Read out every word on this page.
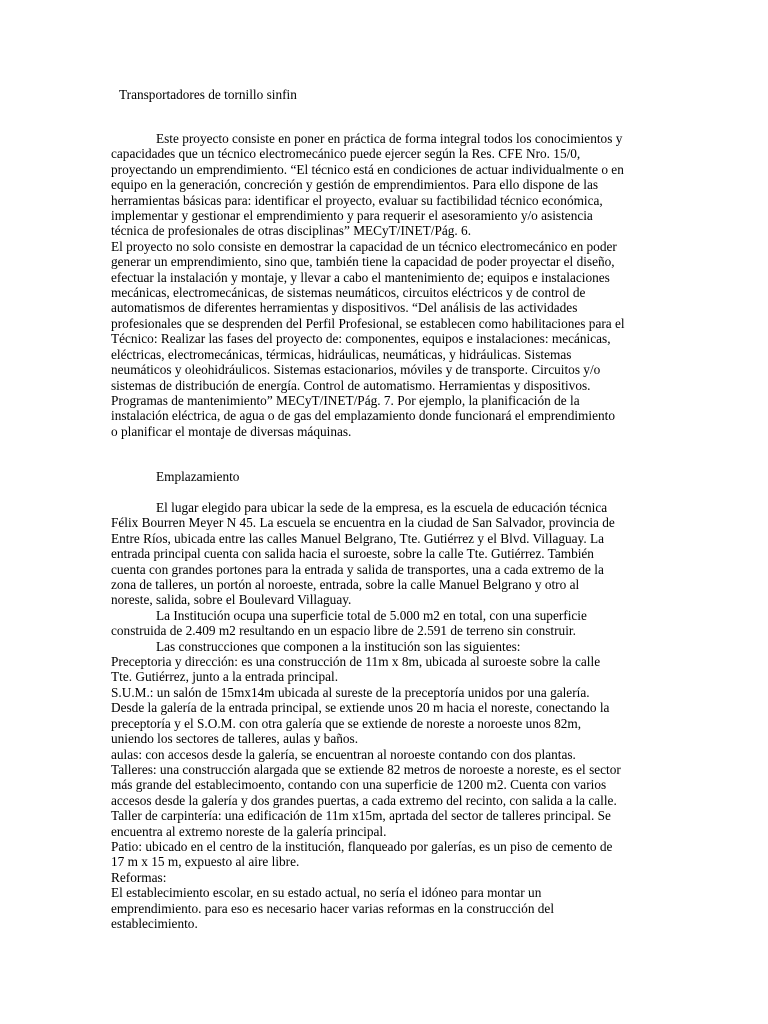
Transportadores de tornillo sinfin

Este proyecto consiste en poner en práctica de forma integral todos los conocimientos y

capacidades que un técnico electromecánico puede ejercer según la Res. CFE Nro. 15/0,

proyectando un emprendimiento. “El técnico está en condiciones de actuar individualmente o en

equipo en la generación, concreción y gestión de emprendimientos. Para ello dispone de las

herramientas básicas para: identificar el proyecto, evaluar su factibilidad técnico económica,

implementar y gestionar el emprendimiento y para requerir el asesoramiento y/o asistencia

técnica de profesionales de otras disciplinas” MECyT/INET/Pág. 6.

El proyecto no solo consiste en demostrar la capacidad de un técnico electromecánico en poder

generar un emprendimiento, sino que, también tiene la capacidad de poder proyectar el diseño,

efectuar la instalación y montaje, y llevar a cabo el mantenimiento de; equipos e instalaciones

mecánicas, electromecánicas, de sistemas neumáticos, circuitos eléctricos y de control de

automatismos de diferentes herramientas y dispositivos. “Del análisis de las actividades

profesionales que se desprenden del Perfil Profesional, se establecen como habilitaciones para el

Técnico: Realizar las fases del proyecto de: componentes, equipos e instalaciones: mecánicas,

eléctricas, electromecánicas, térmicas, hidráulicas, neumáticas, y hidráulicas. Sistemas

neumáticos y oleohidráulicos. Sistemas estacionarios, móviles y de transporte. Circuitos y/o

sistemas de distribución de energía. Control de automatismo. Herramientas y dispositivos.

Programas de mantenimiento” MECyT/INET/Pág. 7. Por ejemplo, la planificación de la

instalación eléctrica, de agua o de gas del emplazamiento donde funcionará el emprendimiento

o planificar el montaje de diversas máquinas.

Emplazamiento

El lugar elegido para ubicar la sede de la empresa, es la escuela de educación técnica

Félix Bourren Meyer N 45. La escuela se encuentra en la ciudad de San Salvador, provincia de

Entre Ríos, ubicada entre las calles Manuel Belgrano, Tte. Gutiérrez y el Blvd. Villaguay. La

entrada principal cuenta con salida hacia el suroeste, sobre la calle Tte. Gutiérrez. También

cuenta con grandes portones para la entrada y salida de transportes, una a cada extremo de la

zona de talleres, un portón al noroeste, entrada, sobre la calle Manuel Belgrano y otro al

noreste, salida, sobre el Boulevard Villaguay.

La Institución ocupa una superficie total de 5.000 m2 en total, con una superficie

construida de 2.409 m2 resultando en un espacio libre de 2.591 de terreno sin construir.

Las construcciones que componen a la institución son las siguientes:

Preceptoria y dirección: es una construcción de 11m x 8m, ubicada al suroeste sobre la calle

Tte. Gutiérrez, junto a la entrada principal.

S.U.M.: un salón de 15mx14m ubicada al sureste de la preceptoría unidos por una galería.

Desde la galería de la entrada principal, se extiende unos 20 m hacia el noreste, conectando la

preceptoría y el S.O.M. con otra galería que se extiende de noreste a noroeste unos 82m,

uniendo los sectores de talleres, aulas y baños.

aulas: con accesos desde la galería, se encuentran al noroeste contando con dos plantas.

Talleres: una construcción alargada que se extiende 82 metros de noroeste a noreste, es el sector

más grande del establecimoento, contando con una superficie de 1200 m2. Cuenta con varios

accesos desde la galería y dos grandes puertas, a cada extremo del recinto, con salida a la calle.

Taller de carpintería: una edificación de 11m x15m, aprtada del sector de talleres principal. Se

encuentra al extremo noreste de la galería principal.

Patio: ubicado en el centro de la institución, flanqueado por galerías, es un piso de cemento de

17 m x 15 m, expuesto al aire libre.

Reformas:

El establecimiento escolar, en su estado actual, no sería el idóneo para montar un

emprendimiento. para eso es necesario hacer varias reformas en la construcción del

establecimiento.
